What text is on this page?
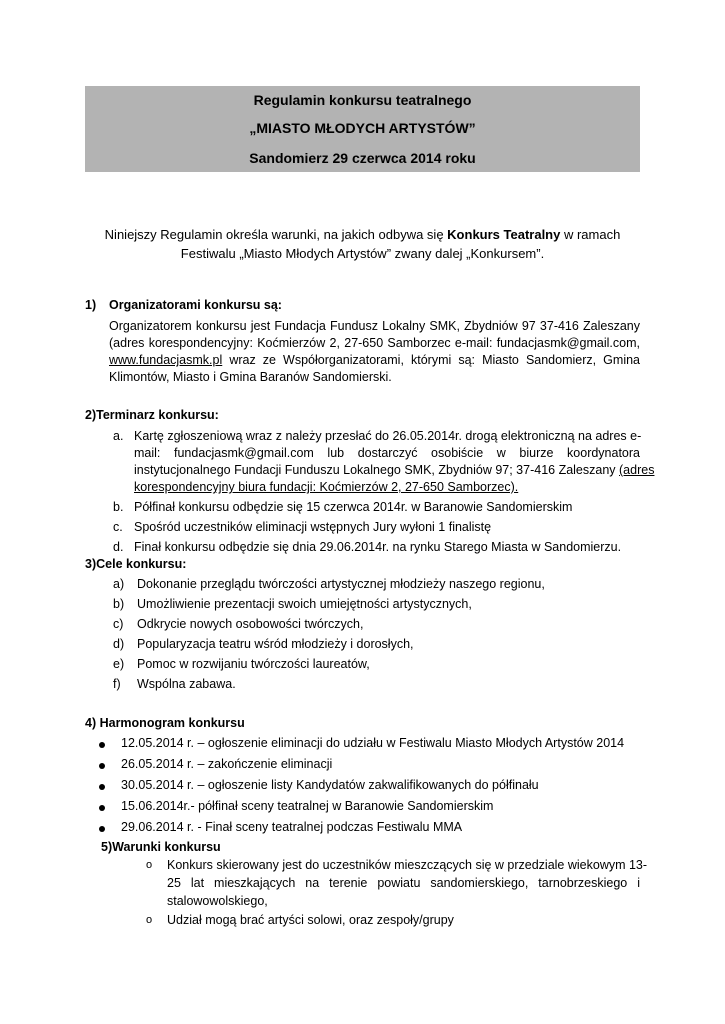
Regulamin konkursu teatralnego
„MIASTO MŁODYCH ARTYSTÓW”
Sandomierz 29 czerwca 2014 roku
Niniejszy Regulamin określa warunki, na jakich odbywa się Konkurs Teatralny w ramach
Festiwalu „Miasto Młodych Artystów” zwany dalej „Konkursem”.
1) Organizatorami konkursu są:
Organizatorem konkursu jest Fundacja Fundusz Lokalny SMK, Zbydniów 97 37-416 Zaleszany
(adres korespondencyjny: Koćmierzów 2, 27-650 Samborzec e-mail: fundacjasmk@gmail.com,
www.fundacjasmk.pl wraz ze Współorganizatorami, którymi są: Miasto Sandomierz, Gmina
Klimontów, Miasto i Gmina Baranów Sandomierski.
2)Terminarz konkursu:
a. Kartę zgłoszeniową wraz z należy przesłać do 26.05.2014r. drogą elektroniczną na adres e-
mail: fundacjasmk@gmail.com lub dostarczyć osobiście w biurze koordynatora
instytucjonalnego Fundacji Funduszu Lokalnego SMK, Zbydniów 97; 37-416 Zaleszany (adres
korespondencyjny biura fundacji: Koćmierzów 2, 27-650 Samborzec).
b. Półfinał konkursu odbędzie się 15 czerwca 2014r. w Baranowie Sandomierskim
c. Spośród uczestników eliminacji wstępnych Jury wyłoni 1 finalistę
d. Finał konkursu odbędzie się dnia 29.06.2014r. na rynku Starego Miasta w Sandomierzu.
3)Cele konkursu:
a) Dokonanie przeglądu twórczości artystycznej młodzieży naszego regionu,
b) Umożliwienie prezentacji swoich umiejętności artystycznych,
c) Odkrycie nowych osobowości twórczych,
d) Popularyzacja teatru wśród młodzieży i dorosłych,
e) Pomoc w rozwijaniu twórczości laureatów,
f) Wspólna zabawa.
4) Harmonogram konkursu
12.05.2014 r. – ogłoszenie eliminacji do udziału w Festiwalu Miasto Młodych Artystów 2014
26.05.2014 r. – zakończenie eliminacji
30.05.2014 r. – ogłoszenie listy Kandydatów zakwalifikowanych do półfinału
15.06.2014r.- półfinał sceny teatralnej w Baranowie Sandomierskim
29.06.2014 r. - Finał sceny teatralnej podczas Festiwalu MMA
5)Warunki konkursu
o Konkurs skierowany jest do uczestników mieszczących się w przedziale wiekowym 13-
25 lat mieszkających na terenie powiatu sandomierskiego, tarnobrzeskiego i
stalowowolskiego,
o Udział mogą brać artyści solowi, oraz zespoły/grupy
